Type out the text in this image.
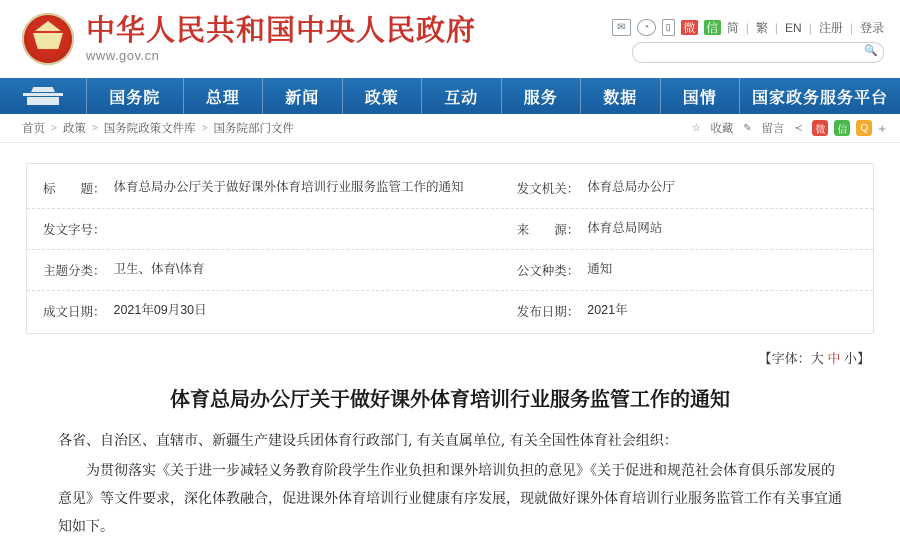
中华人民共和国中央人民政府
www.gov.cn
✉	◔	▯	微 信 简 | 繁 | EN | 注册 | 登录
🔍
国务院	总理	新闻	政策	互动	服务	数据	国情	国家政务服务平台
首页 > 政策 > 国务院政策文件库 > 国务院部门文件	☆ 收藏 ✎ 留言 ≺	微	信	Q +
标　　题： 体育总局办公厅关于做好课外体育培训行业服务监管工作的通知	发文机关： 体育总局办公厅
发文字号：	来　　源： 体育总局网站
主题分类： 卫生、体育\体育	公文种类： 通知
成文日期： 2021年09月30日	发布日期： 2021年
【字体：大 中 小】
体育总局办公厅关于做好课外体育培训行业服务监管工作的通知

各省、自治区、直辖市、新疆生产建设兵团体育行政部门, 有关直属单位, 有关全国性体育社会组织：

为贯彻落实《关于进一步减轻义务教育阶段学生作业负担和课外培训负担的意见》《关于促进和规范社会体育俱乐部发展的意见》等文件要求，深化体教融合，促进课外体育培训行业健康有序发展，现就做好课外体育培训行业服务监管工作有关事宜通知如下。
